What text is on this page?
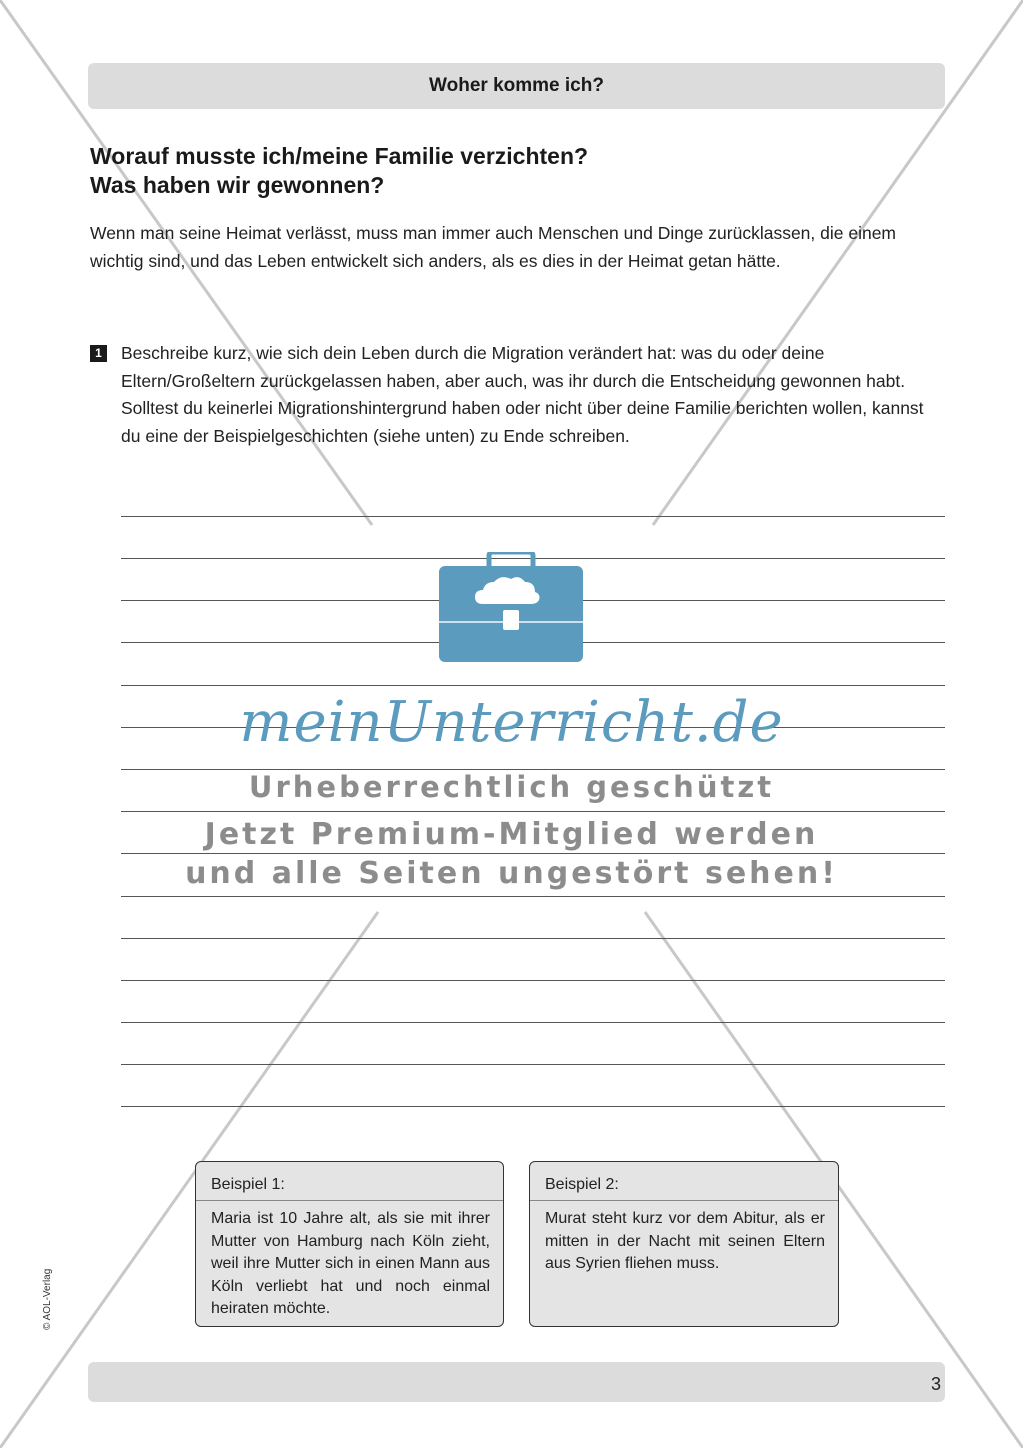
Woher komme ich?
Worauf musste ich/meine Familie verzichten?
Was haben wir gewonnen?
Wenn man seine Heimat verlässt, muss man immer auch Menschen und Dinge zurücklassen, die einem wichtig sind, und das Leben entwickelt sich anders, als es dies in der Heimat getan hätte.
1 Beschreibe kurz, wie sich dein Leben durch die Migration verändert hat: was du oder deine Eltern/Großeltern zurückgelassen haben, aber auch, was ihr durch die Entscheidung gewonnen habt. Solltest du keinerlei Migrationshintergrund haben oder nicht über deine Familie berichten wollen, kannst du eine der Beispielgeschichten (siehe unten) zu Ende schreiben.
meinUnterricht.de
Urheberrechtlich geschützt
Jetzt Premium-Mitglied werden
und alle Seiten ungestört sehen!
Beispiel 1:
Maria ist 10 Jahre alt, als sie mit ihrer Mutter von Hamburg nach Köln zieht, weil ihre Mutter sich in einen Mann aus Köln verliebt hat und noch einmal heiraten möchte.
Beispiel 2:
Murat steht kurz vor dem Abitur, als er mitten in der Nacht mit seinen Eltern aus Syrien fliehen muss.
© AOL-Verlag
3
